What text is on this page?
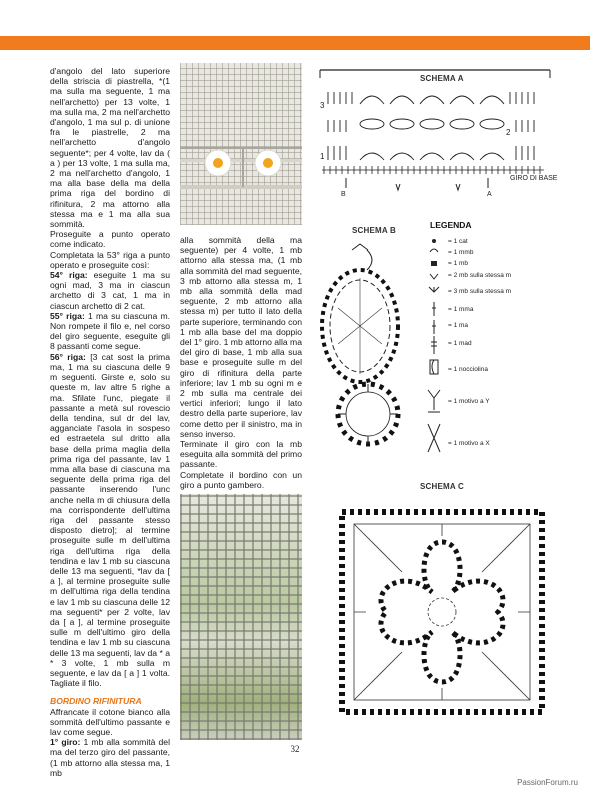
d'angolo del lato superiore della striscia di piastrella, *(1 ma sulla ma seguente, 1 ma nell'archetto) per 13 volte, 1 ma sulla ma, 2 ma nell'archetto d'angolo, 1 ma sul p. di unione fra le piastrelle, 2 ma nell'archetto d'angolo seguente*; per 4 volte, lav da ( a ) per 13 volte, 1 ma sulla ma, 2 ma nell'archetto d'angolo, 1 ma alla base della ma della prima riga del bordino di rifinitura, 2 ma attorno alla stessa ma e 1 ma alla sua sommità.

Proseguite a punto operato come indicato.

Completata la 53° riga a punto operato e proseguite così:

54° riga: eseguite 1 ma su ogni mad, 3 ma in ciascun archetto di 3 cat, 1 ma in ciascun archetto di 2 cat.

55° riga: 1 ma su ciascuna m. Non rompete il filo e, nel corso del giro seguente, eseguite gli 8 passanti come segue.

56° riga: [3 cat sost la prima ma, 1 ma su ciascuna delle 9 m seguenti. Girste e, solo su queste m, lav altre 5 righe a ma. Sfilate l'unc, piegate il passante a metà sul rovescio della tendina, sul dr del lav, agganciate l'asola in sospeso ed estraetela sul dritto alla base della prima maglia della prima riga del passante, lav 1 mma alla base di ciascuna ma seguente della prima riga del passante inserendo l'unc anche nella m di chiusura della ma corrispondente dell'ultima riga del passante stesso disposto dietro]; al termine proseguite sulle m dell'ultima riga dell'ultima riga della tendina e lav 1 mb su ciascuna delle 13 ma seguenti, *lav da [ a ], al termine proseguite sulle m dell'ultima riga della tendina e lav 1 mb su ciascuna delle 12 ma seguenti* per 2 volte, lav da [ a ], al termine proseguite sulle m dell'ultimo giro della tendina e lav 1 mb su ciascuna delle 13 ma seguenti, lav da * a * 3 volte, 1 mb sulla m seguente, e lav da [ a ] 1 volta. Tagliate il filo.

BORDINO RIFINITURA

Affrancate il cotone bianco alla sommità dell'ultimo passante e lav come segue.

1° giro: 1 mb alla sommità del ma del terzo giro del passante, (1 mb attorno alla stessa ma, 1 mb

alla sommità della ma seguente) per 4 volte, 1 mb attorno alla stessa ma, (1 mb alla sommità del mad seguente, 3 mb attorno alla stessa m, 1 mb alla sommità della mad seguente, 2 mb attorno alla stessa m) per tutto il lato della parte superiore, terminando con 1 mb alla base del ma doppio del 1° giro. 1 mb attorno alla ma del giro di base, 1 mb alla sua base e proseguite sulle m del giro di rifinitura della parte inferiore; lav 1 mb su ogni m e 2 mb sulla ma centrale dei vertici inferiori; lungo il lato destro della parte superiore, lav come detto per il sinistro, ma in senso inverso.

Terminate il giro con la mb eseguita alla sommità del primo passante.

Completate il bordino con un giro a punto gambero.

SCHEMA A
3
2
1
GIRO DI BASE
B	A
SCHEMA B
LEGENDA
= 1 cat
= 1 mmb
= 1 mb
= 2 mb sulla stessa m
= 3 mb sulla stessa m
= 1 mma
= 1 ma
= 1 mad
= 1 nocciolina
= 1 motivo a Y
= 1 motivo a X
SCHEMA C
32
PassionForum.ru
